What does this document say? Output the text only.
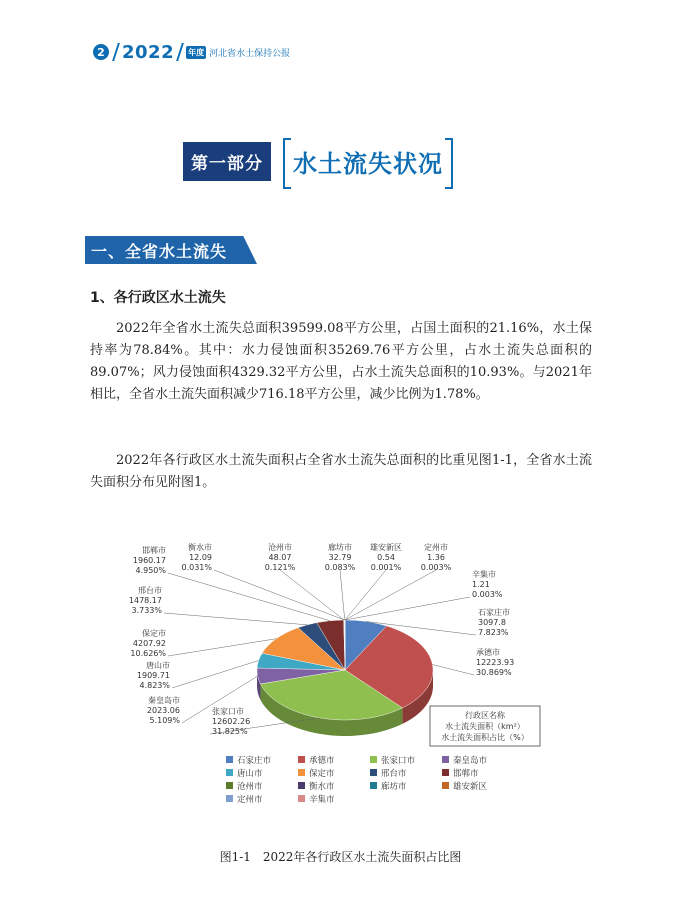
2 2022 年度 河北省水土保持公报
第一部分	水土流失状况
一、全省水土流失
1、各行政区水土流失
2022年全省水土流失总面积39599.08平方公里，占国土面积的21.16%，水土保持率为78.84%。其中：水力侵蚀面积35269.76平方公里，占水土流失总面积的89.07%；风力侵蚀面积4329.32平方公里，占水土流失总面积的10.93%。与2021年相比，全省水土流失面积减少716.18平方公里，减少比例为1.78%。
2022年各行政区水土流失面积占全省水土流失总面积的比重见图1-1，全省水土流失面积分布见附图1。
石家庄市
3097.8
7.823%
承德市
12223.93
30.869%
张家口市
12602.26
31.825%
秦皇岛市
2023.06
5.109%
唐山市
1909.71
4.823%
保定市
4207.92
10.626%
邢台市
1478.17
3.733%
邯郸市
1960.17
4.950%
沧州市
48.07
0.121%
衡水市
12.09
0.031%
廊坊市
32.79
0.083%
雄安新区
0.54
0.001%
定州市
1.36
0.003%
辛集市
1.21
0.003%
行政区名称
水土流失面积（km²）
水土流失面积占比（%）
石家庄市	承德市	张家口市	秦皇岛市
唐山市	保定市	邢台市	邯郸市
沧州市	衡水市	廊坊市	雄安新区
定州市	辛集市
图1-1　2022年各行政区水土流失面积占比图
